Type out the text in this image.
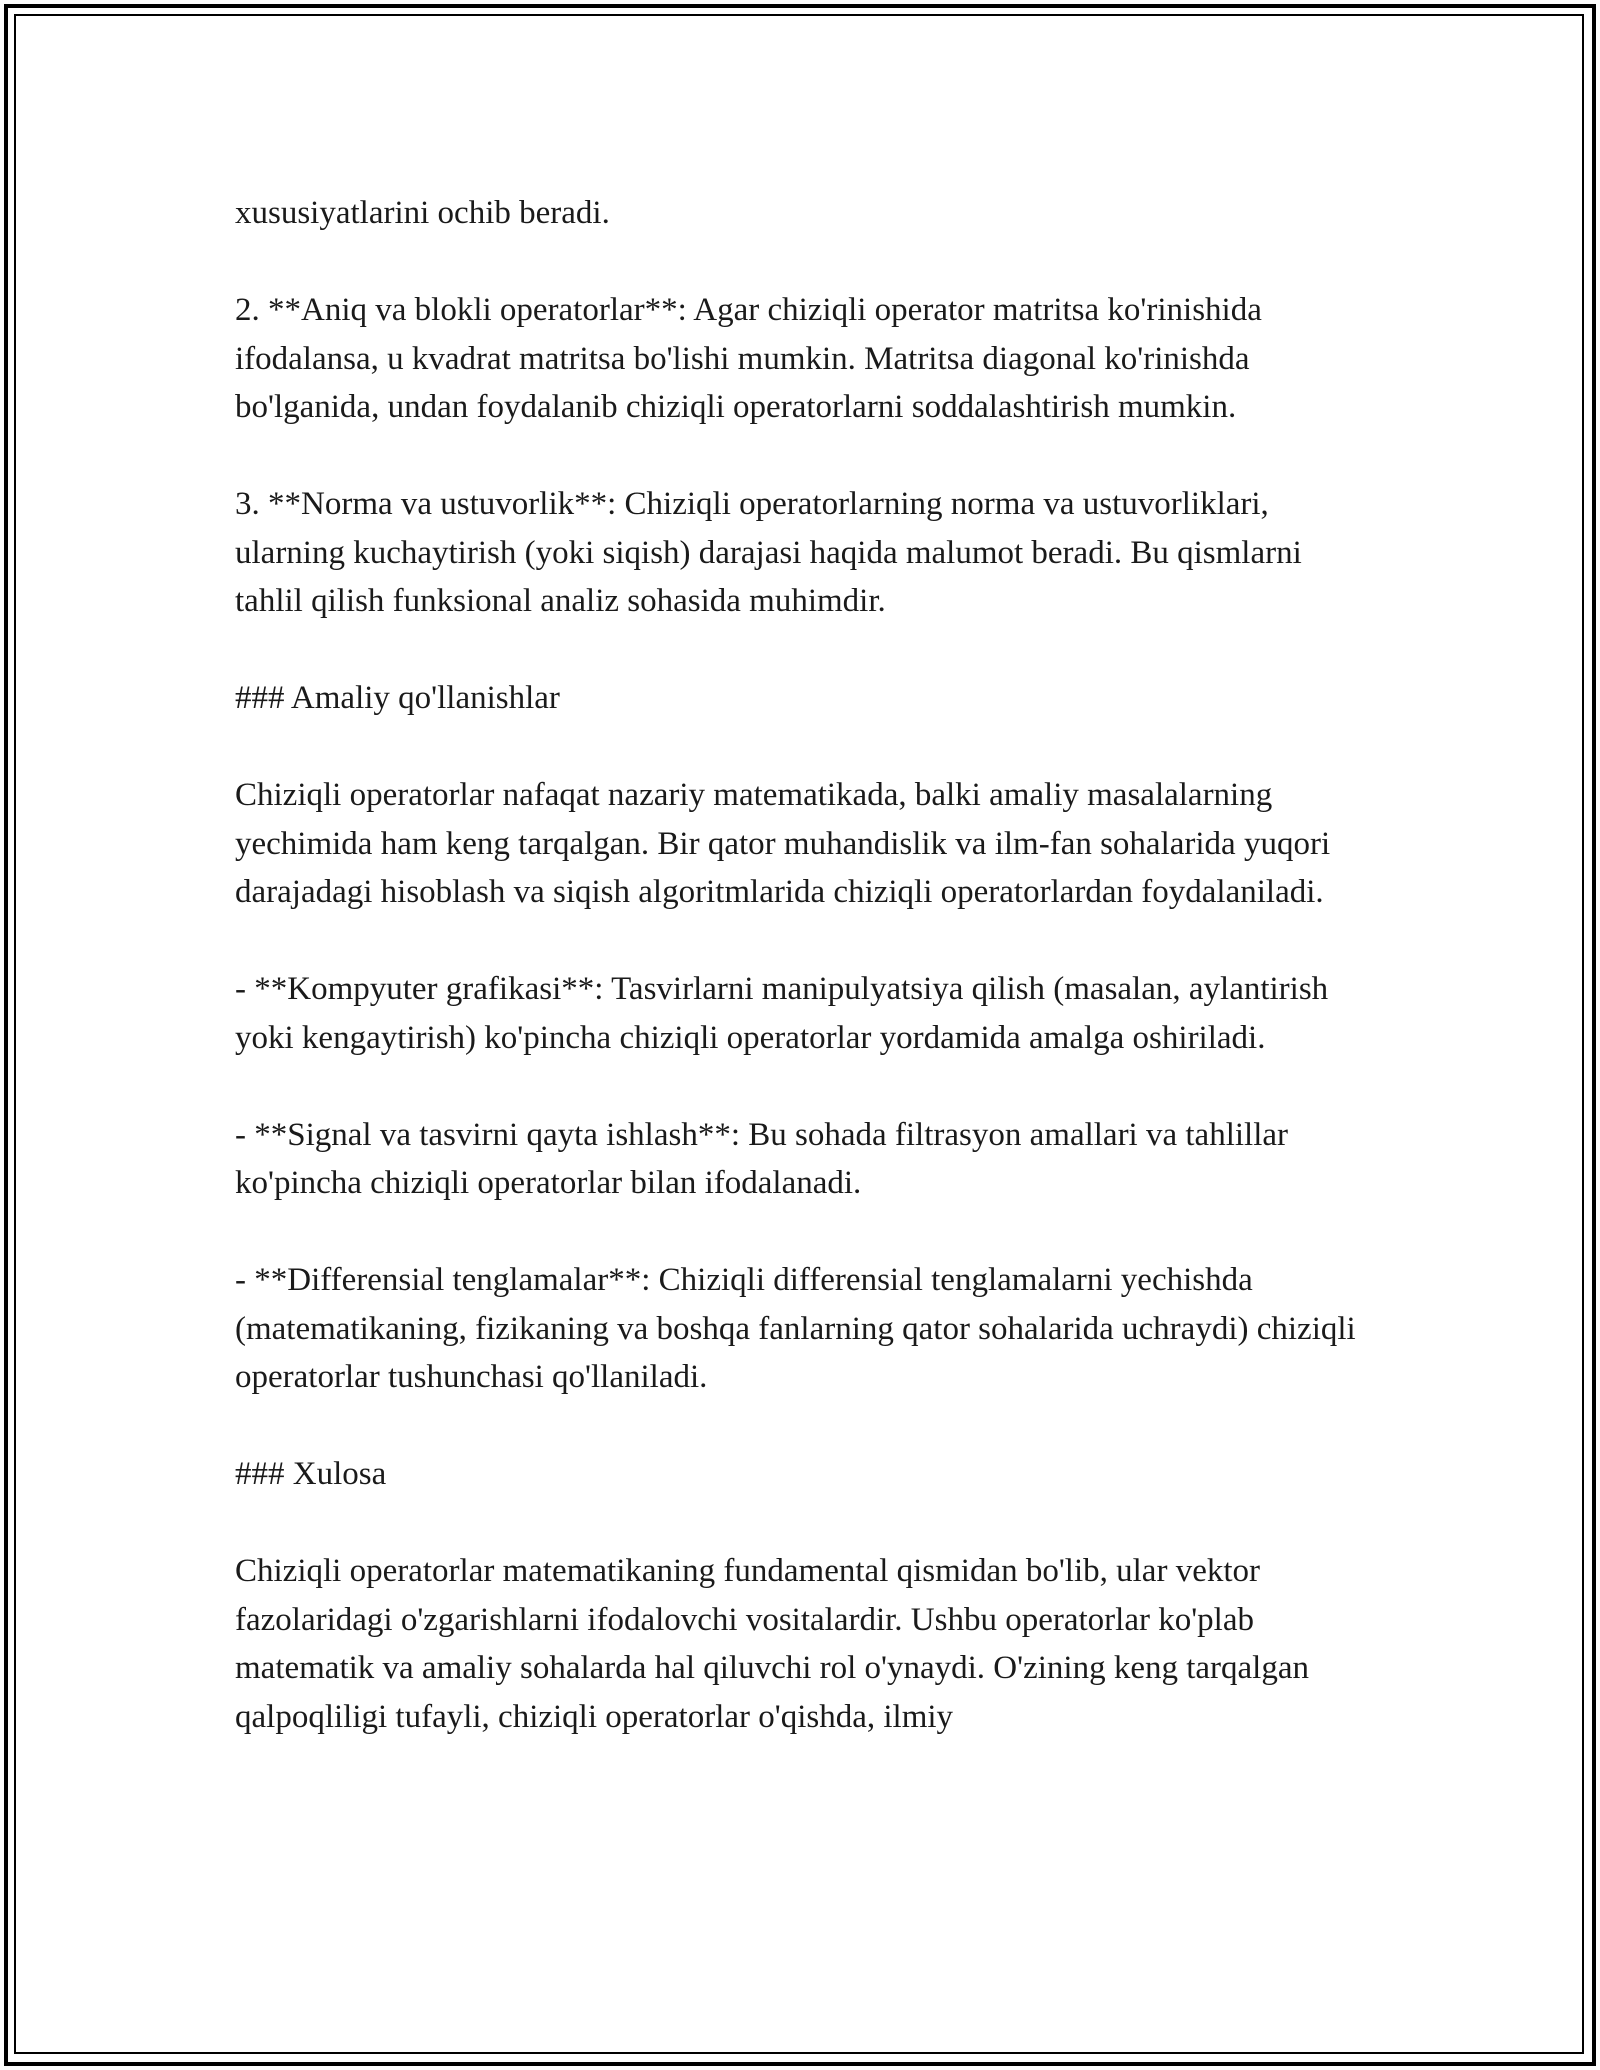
xususiyatlarini ochib beradi.

2. **Aniq va blokli operatorlar**: Agar chiziqli operator matritsa ko'rinishida ifodalansa, u kvadrat matritsa bo'lishi mumkin. Matritsa diagonal ko'rinishda bo'lganida, undan foydalanib chiziqli operatorlarni soddalashtirish mumkin.

3. **Norma va ustuvorlik**: Chiziqli operatorlarning norma va ustuvorliklari, ularning kuchaytirish (yoki siqish) darajasi haqida malumot beradi. Bu qismlarni tahlil qilish funksional analiz sohasida muhimdir.

### Amaliy qo'llanishlar

Chiziqli operatorlar nafaqat nazariy matematikada, balki amaliy masalalarning yechimida ham keng tarqalgan. Bir qator muhandislik va ilm-fan sohalarida yuqori darajadagi hisoblash va siqish algoritmlarida chiziqli operatorlardan foydalaniladi.

- **Kompyuter grafikasi**: Tasvirlarni manipulyatsiya qilish (masalan, aylantirish yoki kengaytirish) ko'pincha chiziqli operatorlar yordamida amalga oshiriladi.

- **Signal va tasvirni qayta ishlash**: Bu sohada filtrasyon amallari va tahlillar ko'pincha chiziqli operatorlar bilan ifodalanadi.

- **Differensial tenglamalar**: Chiziqli differensial tenglamalarni yechishda (matematikaning, fizikaning va boshqa fanlarning qator sohalarida uchraydi) chiziqli operatorlar tushunchasi qo'llaniladi.

### Xulosa

Chiziqli operatorlar matematikaning fundamental qismidan bo'lib, ular vektor fazolaridagi o'zgarishlarni ifodalovchi vositalardir. Ushbu operatorlar ko'plab matematik va amaliy sohalarda hal qiluvchi rol o'ynaydi. O'zining keng tarqalgan qalpoqliligi tufayli, chiziqli operatorlar o'qishda, ilmiy
